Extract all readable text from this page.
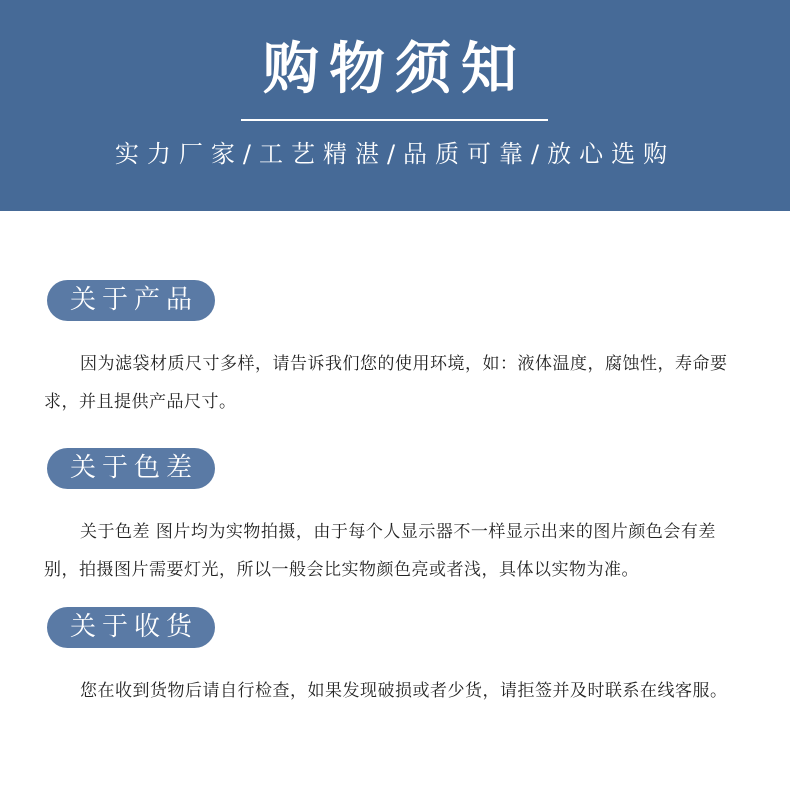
购物须知
实力厂家/工艺精湛/品质可靠/放心选购
关于产品
因为滤袋材质尺寸多样，请告诉我们您的使用环境，如：液体温度，腐蚀性，寿命要求，并且提供产品尺寸。
关于色差
关于色差 图片均为实物拍摄，由于每个人显示器不一样显示出来的图片颜色会有差别，拍摄图片需要灯光，所以一般会比实物颜色亮或者浅，具体以实物为准。
关于收货
您在收到货物后请自行检查，如果发现破损或者少货，请拒签并及时联系在线客服。
